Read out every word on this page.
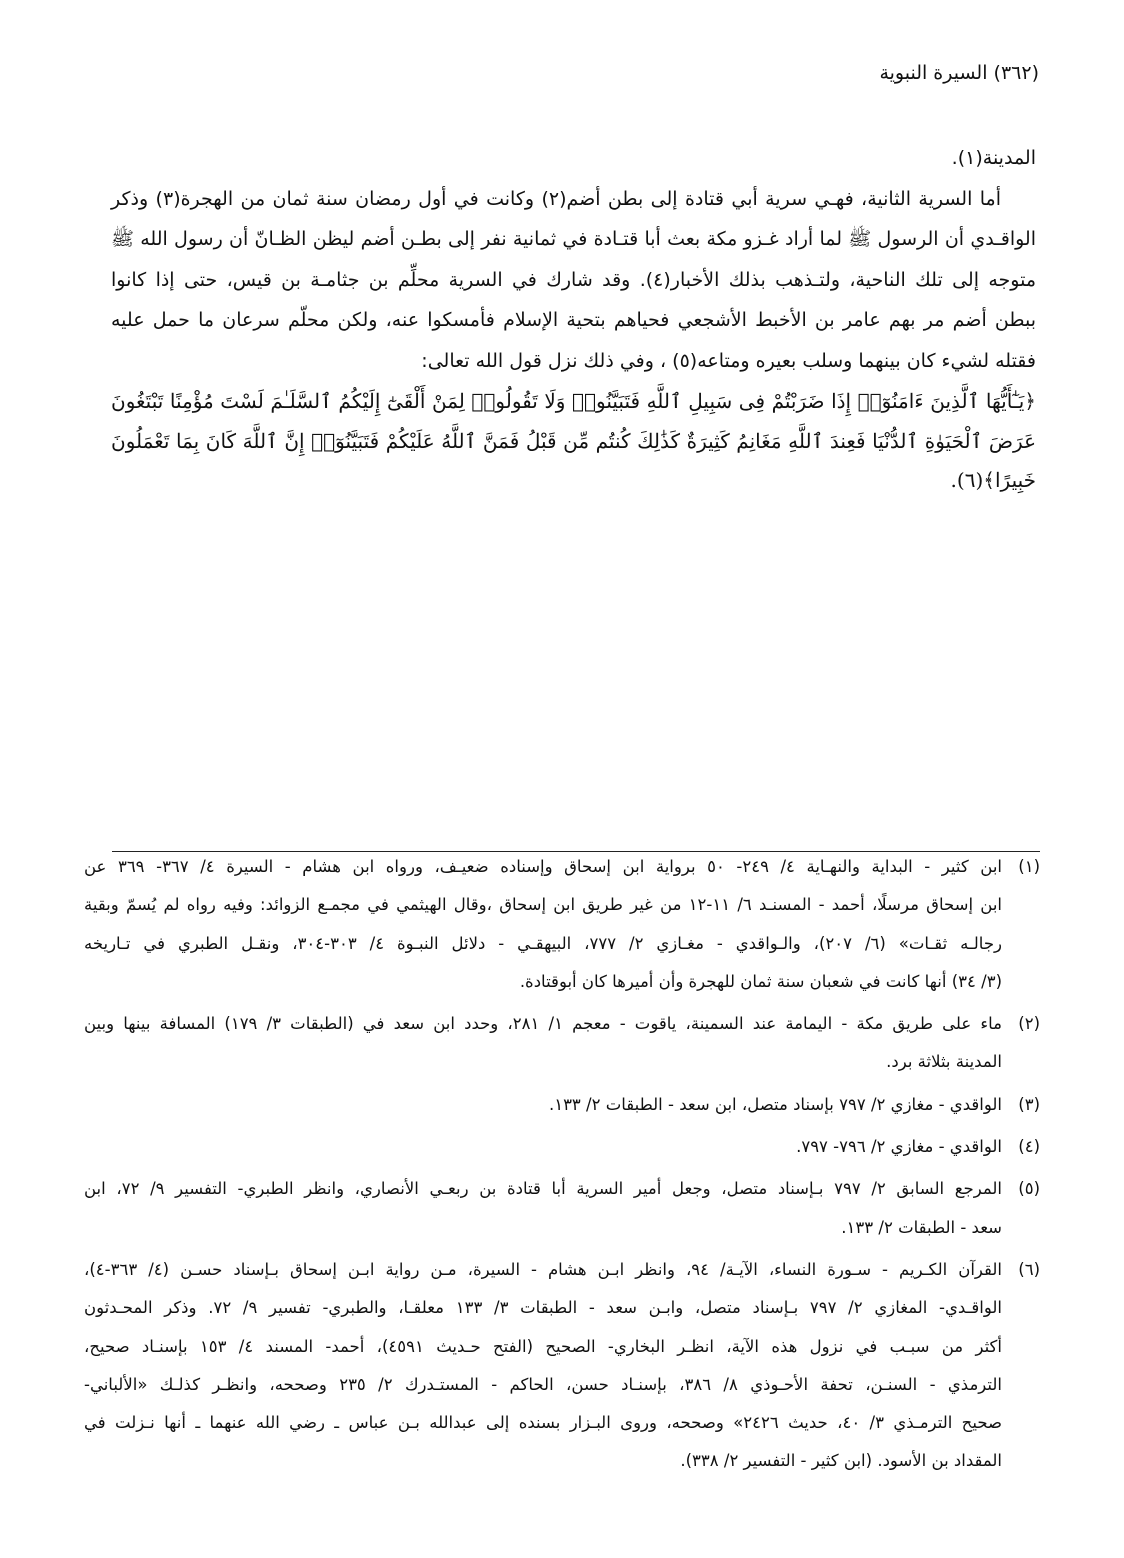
(٣٦٢) السيرة النبوية
المدينة(١).
أما السرية الثانية، فهـي سرية أبي قتادة إلى بطن أضم(٢) وكانت في أول رمضان سنة ثمان من الهجرة(٣) وذكر
الواقـدي أن الرسول ﷺ لما أراد غـزو مكة بعث أبا قتـادة في ثمانية نفر إلى بطـن أضم ليظن الظـانّ أن رسول الله ﷺ
متوجه إلى تلك الناحية، ولتـذهب بذلك الأخبار(٤). وقد شارك في السرية محلِّم بن جثامـة بن قيس، حتى إذا كانوا
ببطن أضم مر بهم عامر بن الأخبط الأشجعي فحياهم بتحية الإسلام فأمسكوا عنه، ولكن محلّم سرعان ما حمل عليه
فقتله لشيء كان بينهما وسلب بعيره ومتاعه(٥) ، وفي ذلك نزل قول الله تعالى:
﴿يَـٰٓأَيُّهَا ٱلَّذِينَ ءَامَنُوٓا۟ إِذَا ضَرَبْتُمْ فِى سَبِيلِ ٱللَّهِ فَتَبَيَّنُوا۟ وَلَا تَقُولُوا۟ لِمَنْ أَلْقَىٰٓ إِلَيْكُمُ ٱلسَّلَـٰمَ لَسْتَ مُؤْمِنًا تَبْتَغُونَ
عَرَضَ ٱلْحَيَوٰةِ ٱلدُّنْيَا فَعِندَ ٱللَّهِ مَغَانِمُ كَثِيرَةٌ كَذَٰلِكَ كُنتُم مِّن قَبْلُ فَمَنَّ ٱللَّهُ عَلَيْكُمْ فَتَبَيَّنُوٓا۟ إِنَّ ٱللَّهَ كَانَ بِمَا تَعْمَلُونَ
خَبِيرًا﴾(٦).
(١)
ابن كثير - البداية والنهـاية ٤/ ٢٤٩- ٥٠ برواية ابن إسحاق وإسناده ضعيـف، ورواه ابن هشام - السيرة ٤/ ٣٦٧- ٣٦٩ عن
ابن إسحاق مرسلًا، أحمد - المسنـد ٦/ ١١-١٢ من غير طريق ابن إسحاق ،وقال الهيثمي في مجمـع الزوائد: وفيه رواه لم يُسمّ وبقية
رجالـه ثقـات» (٦/ ٢٠٧)، والـواقدي - مغـازي ٢/ ٧٧٧، البيهقـي - دلائل النبـوة ٤/ ٣٠٣-٣٠٤، ونقـل الطبري في تـاريخه
(٣/ ٣٤) أنها كانت في شعبان سنة ثمان للهجرة وأن أميرها كان أبوقتادة.
(٢)
ماء على طريق مكة - اليمامة عند السمينة، ياقوت - معجم ١/ ٢٨١، وحدد ابن سعد في (الطبقات ٣/ ١٧٩) المسافة بينها وبين
المدينة بثلاثة برد.
(٣)
الواقدي - مغازي ٢/ ٧٩٧ بإسناد متصل، ابن سعد - الطبقات ٢/ ١٣٣.
(٤)
الواقدي - مغازي ٢/ ٧٩٦- ٧٩٧.
(٥)
المرجع السابق ٢/ ٧٩٧ بـإسناد متصل، وجعل أمير السرية أبا قتادة بن ربعـي الأنصاري، وانظر الطبري- التفسير ٩/ ٧٢، ابن
سعد - الطبقات ٢/ ١٣٣.
(٦)
القرآن الكـريم - سـورة النساء، الآيـة/ ٩٤، وانظر ابـن هشام - السيرة، مـن رواية ابـن إسحاق بـإسناد حسـن (٤/ ٣٦٣-٤)،
الواقـدي- المغازي ٢/ ٧٩٧ بـإسناد متصل، وابـن سعد - الطبقات ٣/ ١٣٣ معلقـا، والطبري- تفسير ٩/ ٧٢. وذكر المحـدثون
أكثر من سبـب في نزول هذه الآية، انظـر البخاري- الصحيح (الفتح حـديث ٤٥٩١)، أحمد- المسند ٤/ ١٥٣ بإسنـاد صحيح،
الترمذي - السنـن، تحفة الأحـوذي ٨/ ٣٨٦، بإسنـاد حسن، الحاكم - المستـدرك ٢/ ٢٣٥ وصححه، وانظـر كذلـك «الألباني-
صحيح الترمـذي ٣/ ٤٠، حديث ٢٤٢٦» وصححه، وروى البـزار بسنده إلى عبدالله بـن عباس ـ رضي الله عنهما ـ أنها نـزلت في
المقداد بن الأسود. (ابن كثير - التفسير ٢/ ٣٣٨).
